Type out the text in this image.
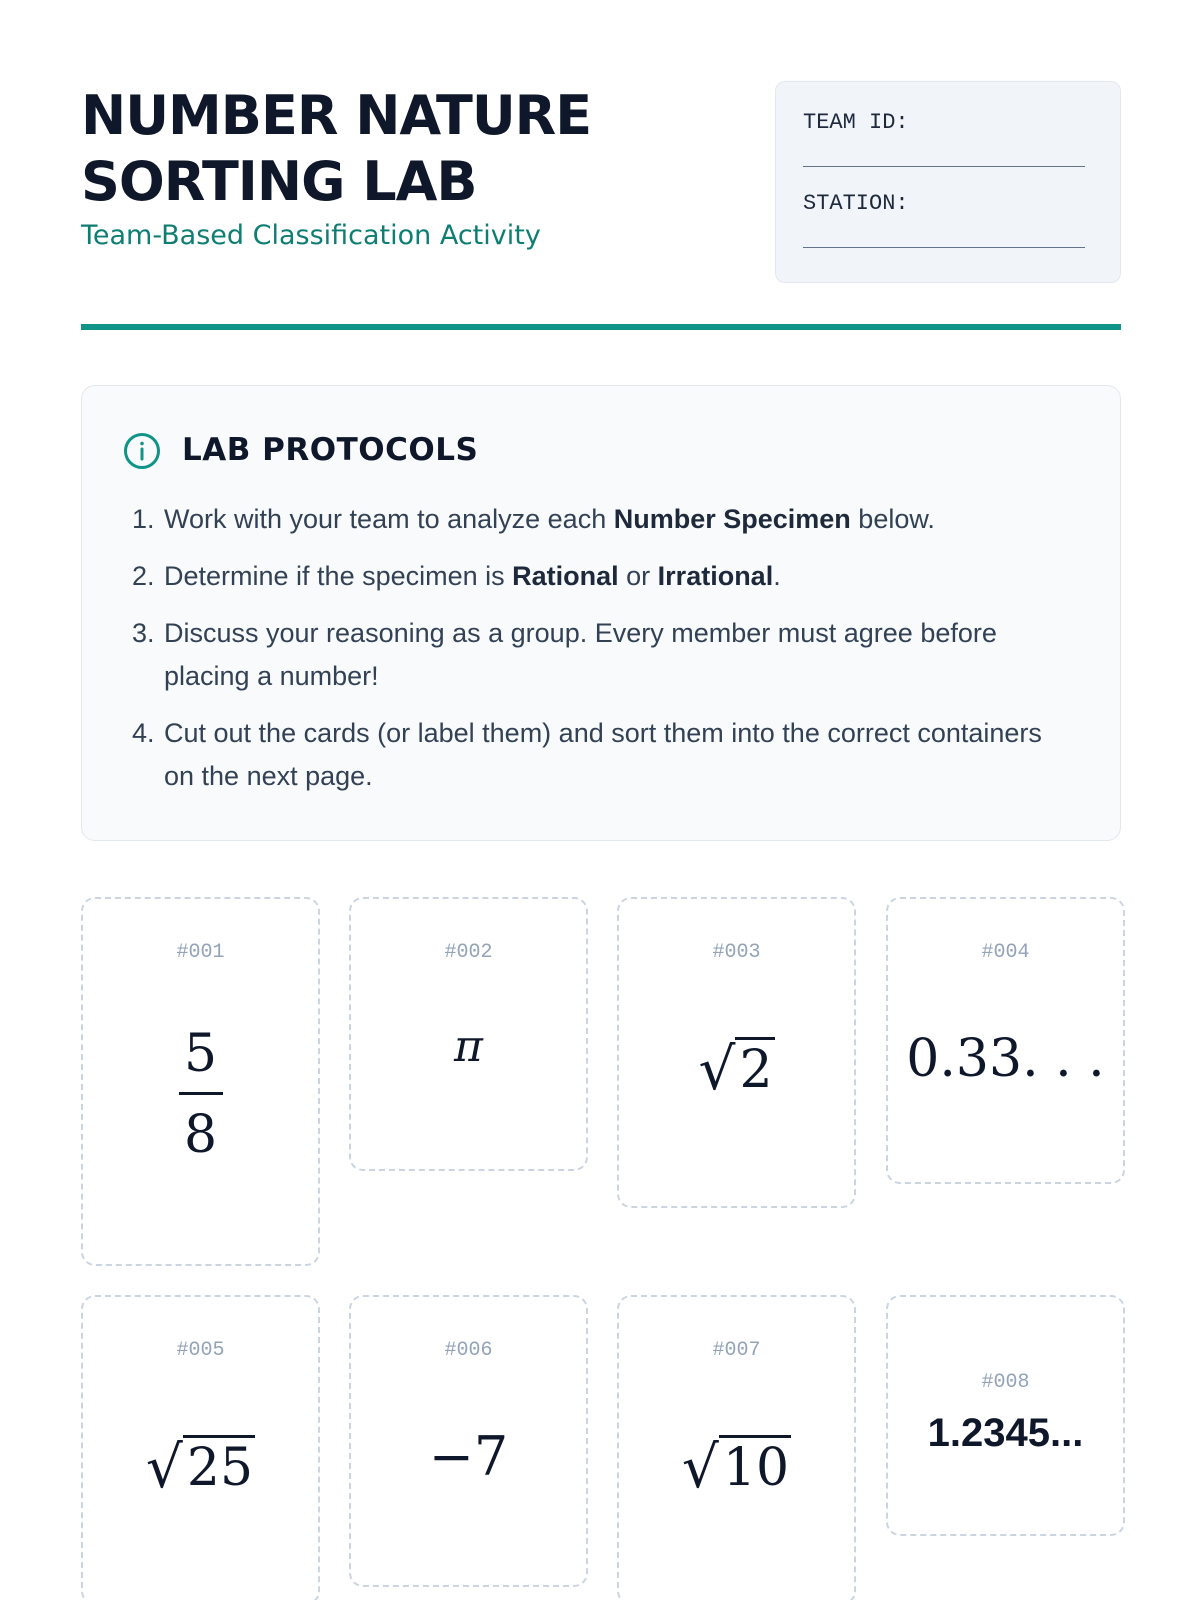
NUMBER NATURE
SORTING LAB
Team-Based Classification Activity
TEAM ID:
STATION:
LAB PROTOCOLS
1. Work with your team to analyze each Number Specimen below.
2. Determine if the specimen is Rational or Irrational.
3. Discuss your reasoning as a group. Every member must agree before placing a number!
4. Cut out the cards (or label them) and sort them into the correct containers on the next page.
#001
$\frac{5}{8}$
#002
π
#003
√ 2
#004
0.33. . .
#005
√ 25
#006
−7
#007
√ 10
#008
1.2345...
